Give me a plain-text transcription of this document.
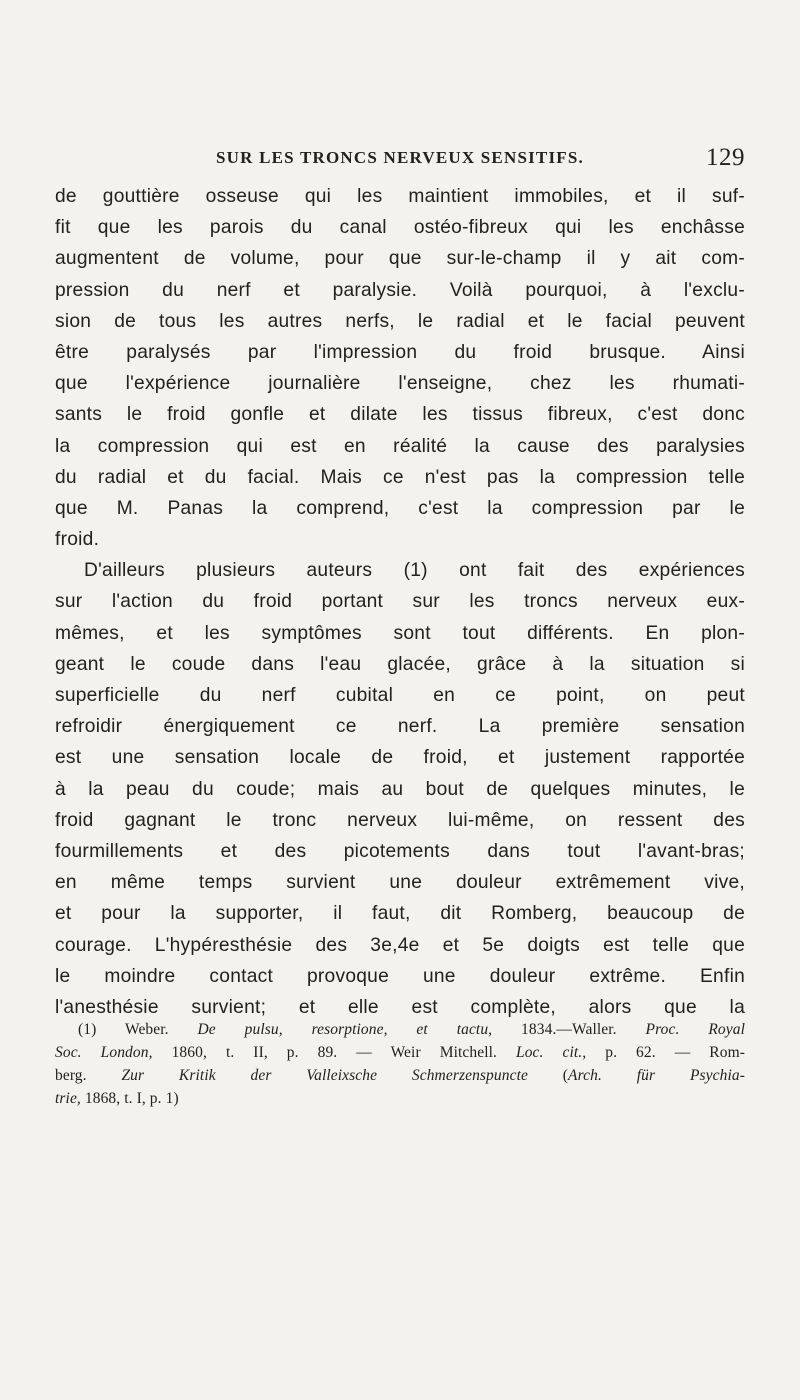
SUR LES TRONCS NERVEUX SENSITIFS.	129
de gouttière osseuse qui les maintient immobiles, et il suf-
fit que les parois du canal ostéo-fibreux qui les enchâsse
augmentent de volume, pour que sur-le-champ il y ait com-
pression du nerf et paralysie. Voilà pourquoi, à l'exclu-
sion de tous les autres nerfs, le radial et le facial peuvent
être paralysés par l'impression du froid brusque. Ainsi
que l'expérience journalière l'enseigne, chez les rhumati-
sants le froid gonfle et dilate les tissus fibreux, c'est donc
la compression qui est en réalité la cause des paralysies
du radial et du facial. Mais ce n'est pas la compression telle
que M. Panas la comprend, c'est la compression par le
froid.
D'ailleurs plusieurs auteurs (1) ont fait des expériences
sur l'action du froid portant sur les troncs nerveux eux-
mêmes, et les symptômes sont tout différents. En plon-
geant le coude dans l'eau glacée, grâce à la situation si
superficielle du nerf cubital en ce point, on peut
refroidir énergiquement ce nerf. La première sensation
est une sensation locale de froid, et justement rapportée
à la peau du coude; mais au bout de quelques minutes, le
froid gagnant le tronc nerveux lui-même, on ressent des
fourmillements et des picotements dans tout l'avant-bras;
en même temps survient une douleur extrêmement vive,
et pour la supporter, il faut, dit Romberg, beaucoup de
courage. L'hypéresthésie des 3e,4e et 5e doigts est telle que
le moindre contact provoque une douleur extrême. Enfin
l'anesthésie survient; et elle est complète, alors que la
(1) Weber. De pulsu, resorptione, et tactu, 1834.—Waller. Proc. Royal
Soc. London, 1860, t. II, p. 89. — Weir Mitchell. Loc. cit., p. 62. — Rom-
berg. Zur Kritik der Valleixsche Schmerzenspuncte (Arch. für Psychia-
trie, 1868, t. I, p. 1)
